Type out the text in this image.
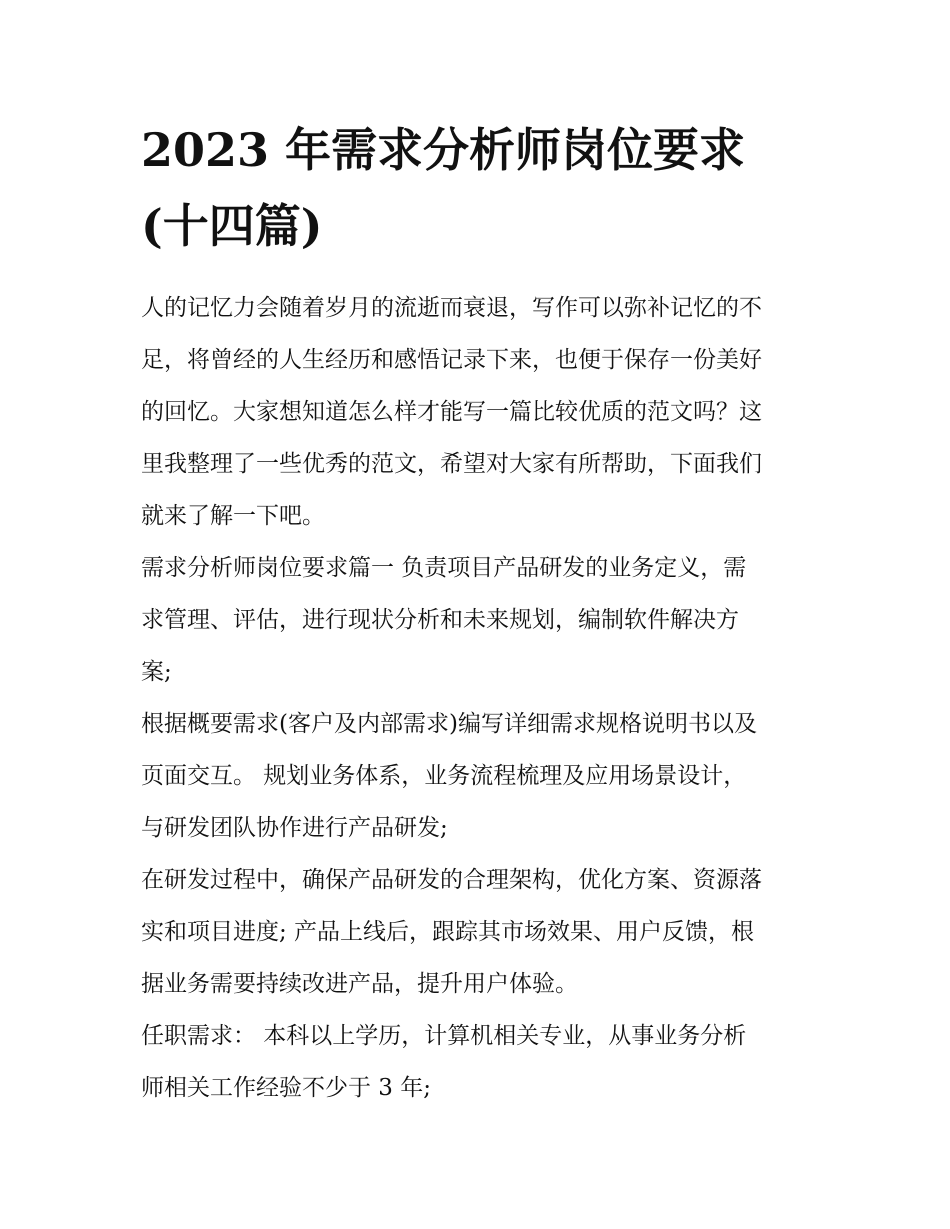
2023 年需求分析师岗位要求
(十四篇)

人的记忆力会随着岁月的流逝而衰退，写作可以弥补记忆的不
足，将曾经的人生经历和感悟记录下来，也便于保存一份美好
的回忆。大家想知道怎么样才能写一篇比较优质的范文吗？这
里我整理了一些优秀的范文，希望对大家有所帮助，下面我们
就来了解一下吧。

需求分析师岗位要求篇一 负责项目产品研发的业务定义，需
求管理、评估，进行现状分析和未来规划，编制软件解决方
案;

根据概要需求(客户及内部需求)编写详细需求规格说明书以及
页面交互。 规划业务体系，业务流程梳理及应用场景设计，
与研发团队协作进行产品研发;

在研发过程中，确保产品研发的合理架构，优化方案、资源落
实和项目进度; 产品上线后，跟踪其市场效果、用户反馈，根
据业务需要持续改进产品，提升用户体验。

任职需求： 本科以上学历，计算机相关专业，从事业务分析
师相关工作经验不少于 3 年;
